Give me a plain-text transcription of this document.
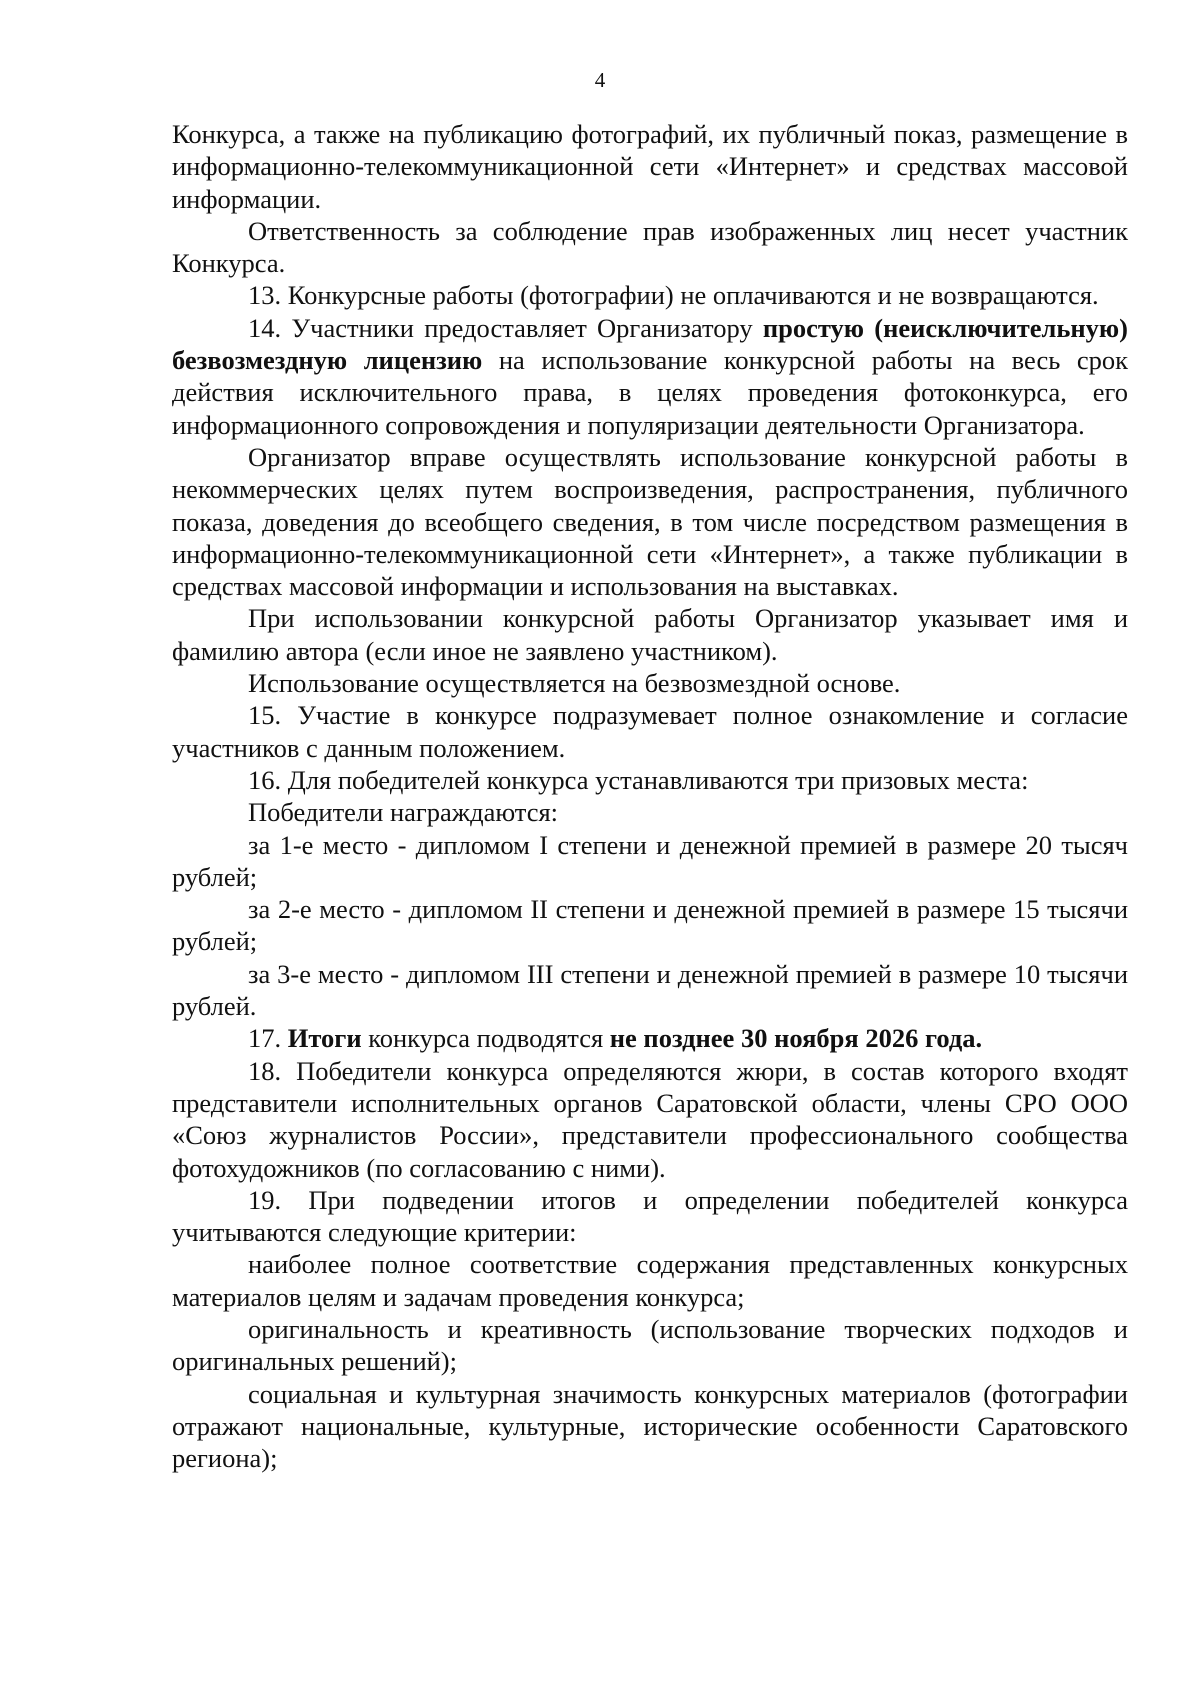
4

Конкурса, а также на публикацию фотографий, их публичный показ, размещение в информационно-телекоммуникационной сети «Интернет» и средствах массовой информации.

Ответственность за соблюдение прав изображенных лиц несет участник Конкурса.

13. Конкурсные работы (фотографии) не оплачиваются и не возвращаются.

14. Участники предоставляет Организатору простую (неисключительную) безвозмездную лицензию на использование конкурсной работы на весь срок действия исключительного права, в целях проведения фотоконкурса, его информационного сопровождения и популяризации деятельности Организатора.

Организатор вправе осуществлять использование конкурсной работы в некоммерческих целях путем воспроизведения, распространения, публичного показа, доведения до всеобщего сведения, в том числе посредством размещения в информационно-телекоммуникационной сети «Интернет», а также публикации в средствах массовой информации и использования на выставках.

При использовании конкурсной работы Организатор указывает имя и фамилию автора (если иное не заявлено участником).

Использование осуществляется на безвозмездной основе.

15. Участие в конкурсе подразумевает полное ознакомление и согласие участников с данным положением.

16. Для победителей конкурса устанавливаются три призовых места:

Победители награждаются:

за 1-е место - дипломом I степени и денежной премией в размере 20 тысяч рублей;

за 2-е место - дипломом II степени и денежной премией в размере 15 тысячи рублей;

за 3-е место - дипломом III степени и денежной премией в размере 10 тысячи рублей.

17. Итоги конкурса подводятся не позднее 30 ноября 2026 года.

18. Победители конкурса определяются жюри, в состав которого входят представители исполнительных органов Саратовской области, члены СРО ООО «Союз журналистов России», представители профессионального сообщества фотохудожников (по согласованию с ними).

19. При подведении итогов и определении победителей конкурса учитываются следующие критерии:

наиболее полное соответствие содержания представленных конкурсных материалов целям и задачам проведения конкурса;

оригинальность и креативность (использование творческих подходов и оригинальных решений);

социальная и культурная значимость конкурсных материалов (фотографии отражают национальные, культурные, исторические особенности Саратовского региона);
